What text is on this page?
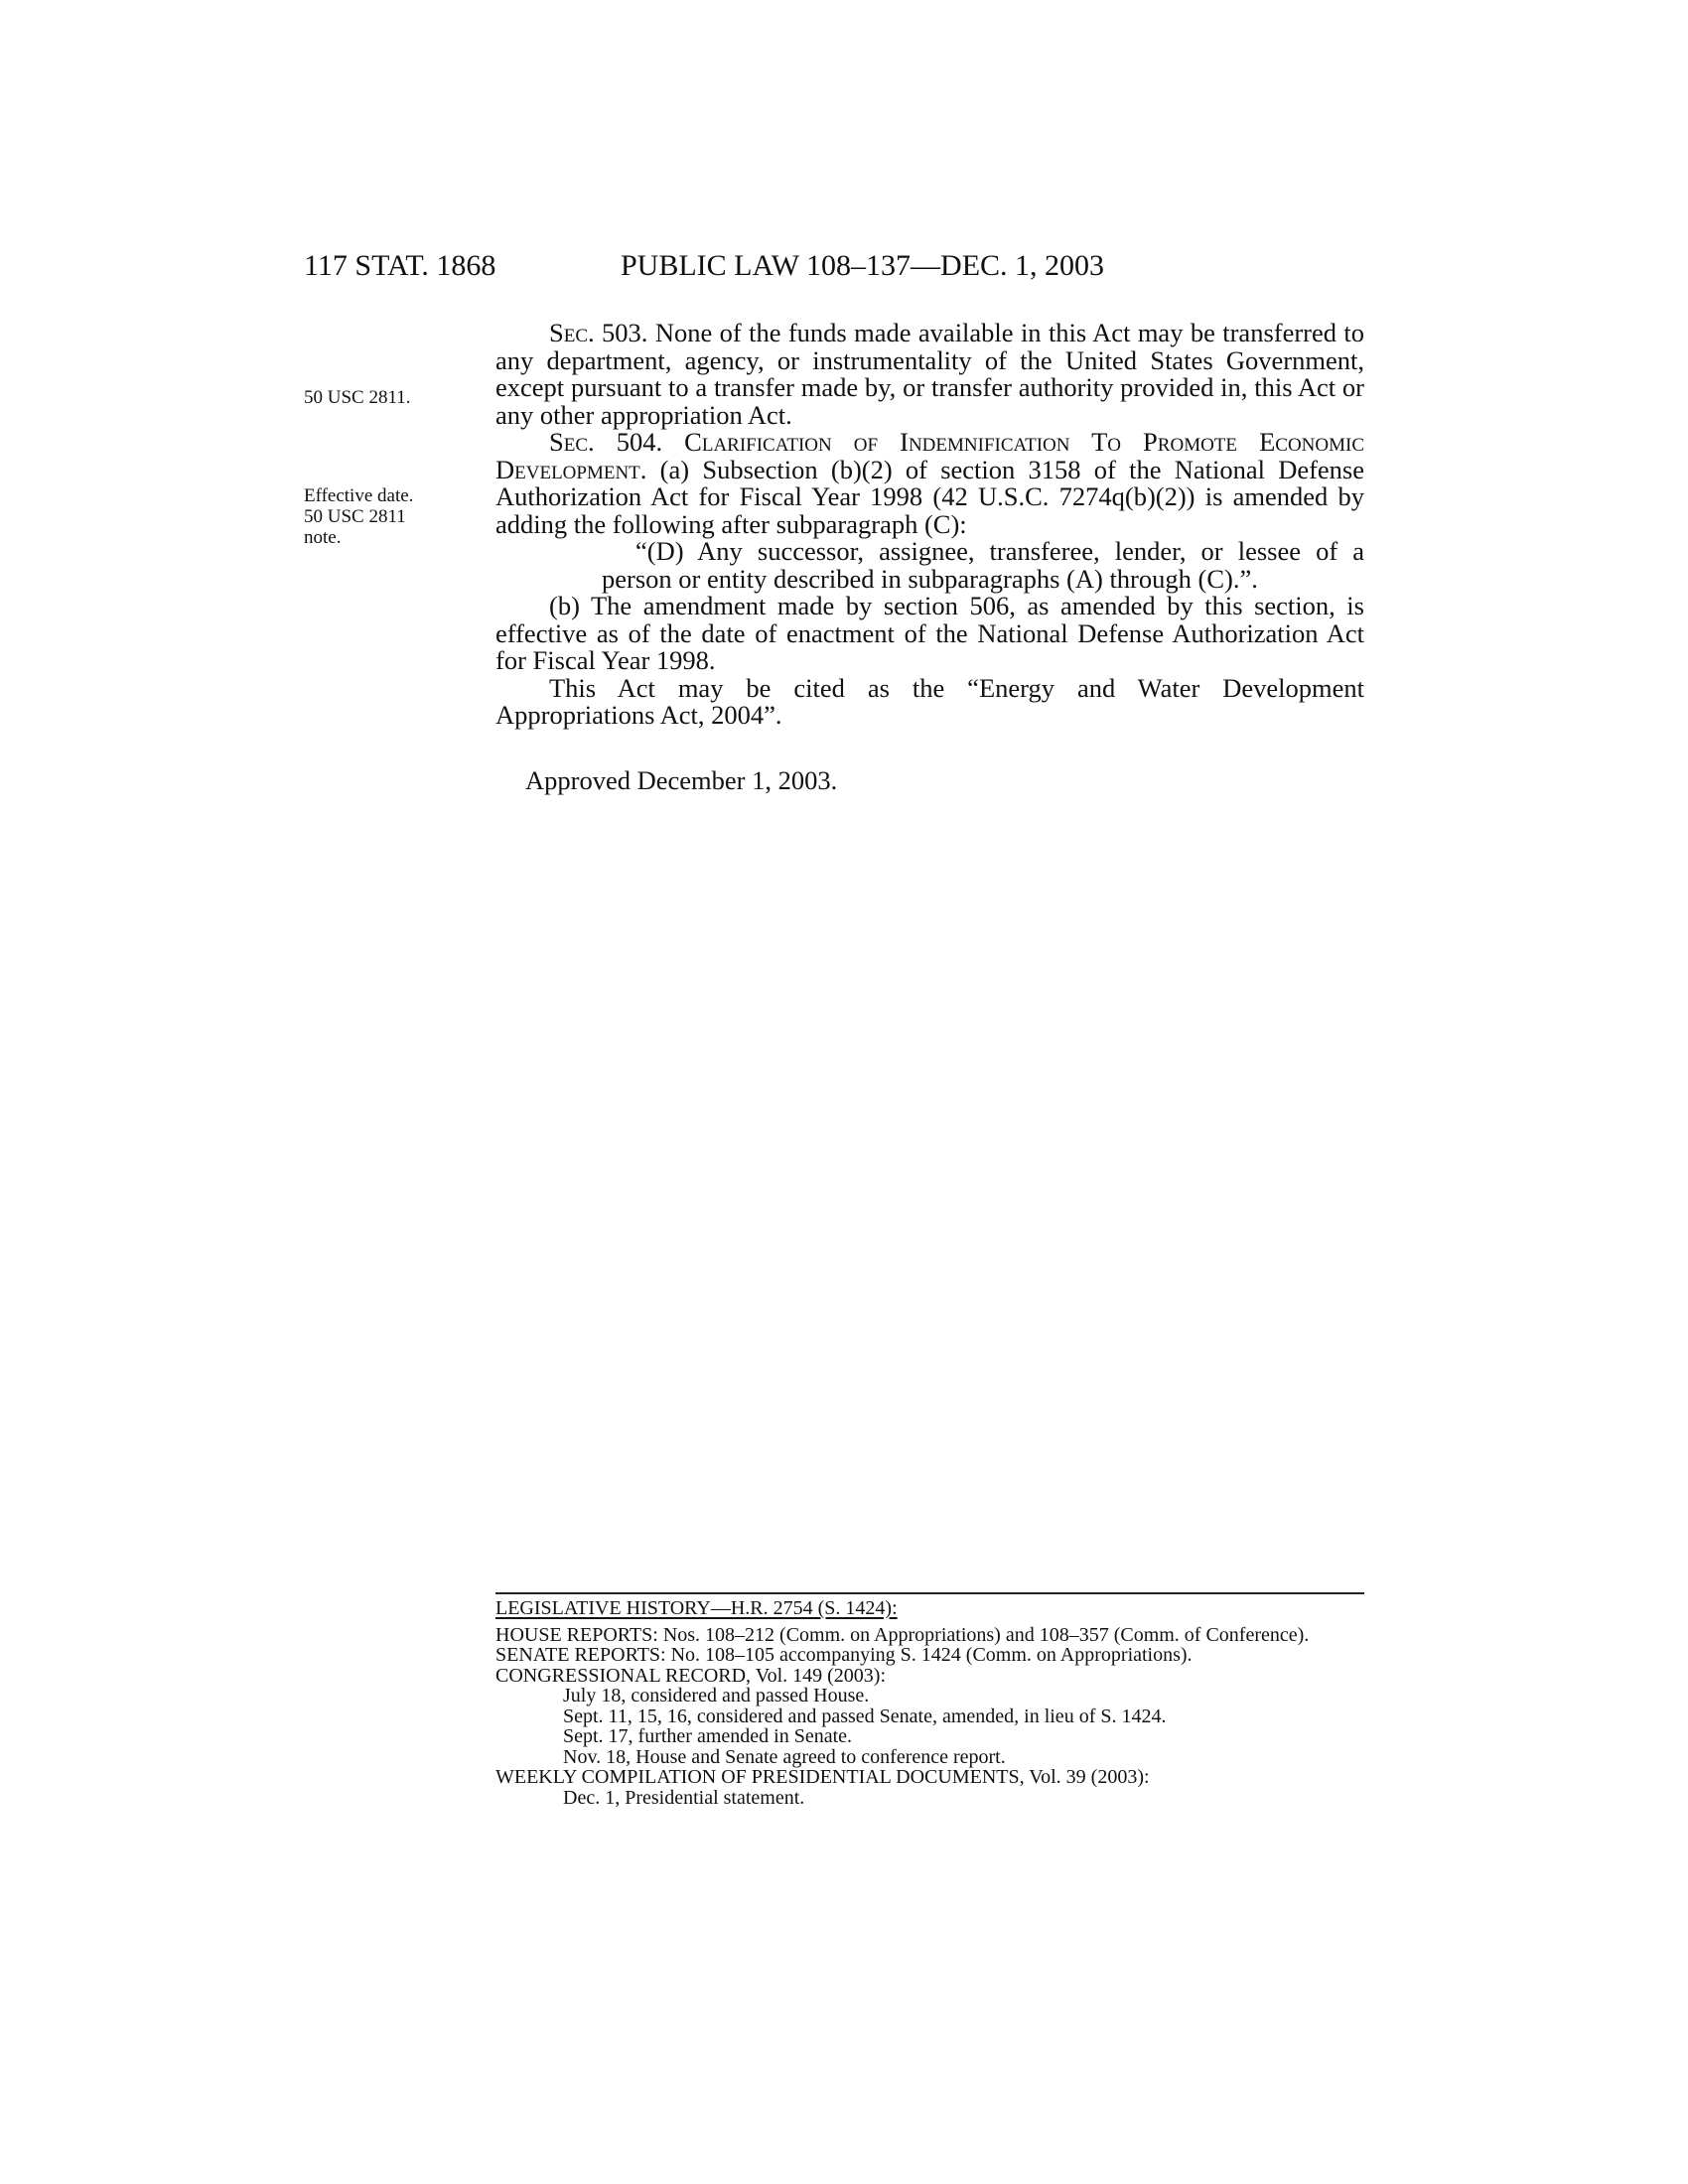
117 STAT. 1868	PUBLIC LAW 108–137—DEC. 1, 2003
50 USC 2811.
Effective date.
50 USC 2811
note.

Sec. 503. None of the funds made available in this Act may be transferred to any department, agency, or instrumentality of the United States Government, except pursuant to a transfer made by, or transfer authority provided in, this Act or any other appropriation Act.

Sec. 504. Clarification of Indemnification To Promote Economic Development. (a) Subsection (b)(2) of section 3158 of the National Defense Authorization Act for Fiscal Year 1998 (42 U.S.C. 7274q(b)(2)) is amended by adding the following after subparagraph (C):

“(D) Any successor, assignee, transferee, lender, or lessee of a person or entity described in subparagraphs (A) through (C).”.

(b) The amendment made by section 506, as amended by this section, is effective as of the date of enactment of the National Defense Authorization Act for Fiscal Year 1998.

This Act may be cited as the “Energy and Water Development Appropriations Act, 2004”.

Approved December 1, 2003.

LEGISLATIVE HISTORY—H.R. 2754 (S. 1424):

HOUSE REPORTS: Nos. 108–212 (Comm. on Appropriations) and 108–357 (Comm. of Conference).

SENATE REPORTS: No. 108–105 accompanying S. 1424 (Comm. on Appropriations).

CONGRESSIONAL RECORD, Vol. 149 (2003):

July 18, considered and passed House.

Sept. 11, 15, 16, considered and passed Senate, amended, in lieu of S. 1424.

Sept. 17, further amended in Senate.

Nov. 18, House and Senate agreed to conference report.

WEEKLY COMPILATION OF PRESIDENTIAL DOCUMENTS, Vol. 39 (2003):

Dec. 1, Presidential statement.
